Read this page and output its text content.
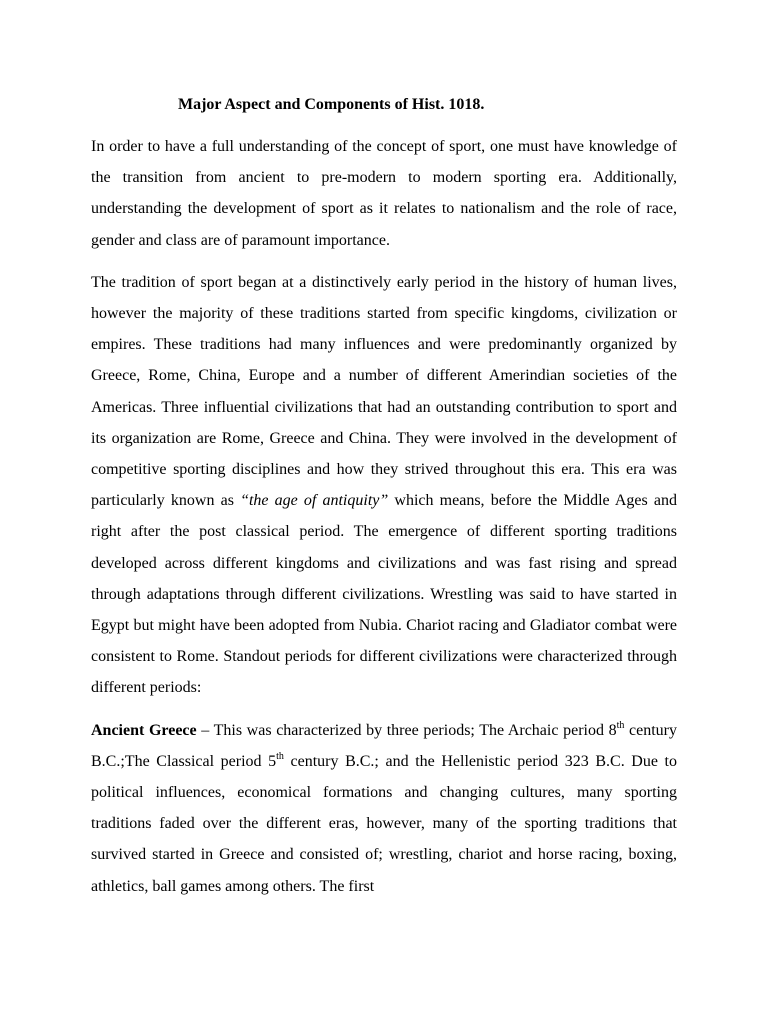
Major Aspect and Components of Hist. 1018.

In order to have a full understanding of the concept of sport, one must have knowledge of the transition from ancient to pre-modern to modern sporting era. Additionally, understanding the development of sport as it relates to nationalism and the role of race, gender and class are of paramount importance.

The tradition of sport began at a distinctively early period in the history of human lives, however the majority of these traditions started from specific kingdoms, civilization or empires. These traditions had many influences and were predominantly organized by Greece, Rome, China, Europe and a number of different Amerindian societies of the Americas. Three influential civilizations that had an outstanding contribution to sport and its organization are Rome, Greece and China. They were involved in the development of competitive sporting disciplines and how they strived throughout this era. This era was particularly known as “the age of antiquity” which means, before the Middle Ages and right after the post classical period. The emergence of different sporting traditions developed across different kingdoms and civilizations and was fast rising and spread through adaptations through different civilizations. Wrestling was said to have started in Egypt but might have been adopted from Nubia. Chariot racing and Gladiator combat were consistent to Rome. Standout periods for different civilizations were characterized through different periods:

Ancient Greece – This was characterized by three periods; The Archaic period 8th century B.C.;The Classical period 5th century B.C.; and the Hellenistic period 323 B.C. Due to political influences, economical formations and changing cultures, many sporting traditions faded over the different eras, however, many of the sporting traditions that survived started in Greece and consisted of; wrestling, chariot and horse racing, boxing, athletics, ball games among others. The first
